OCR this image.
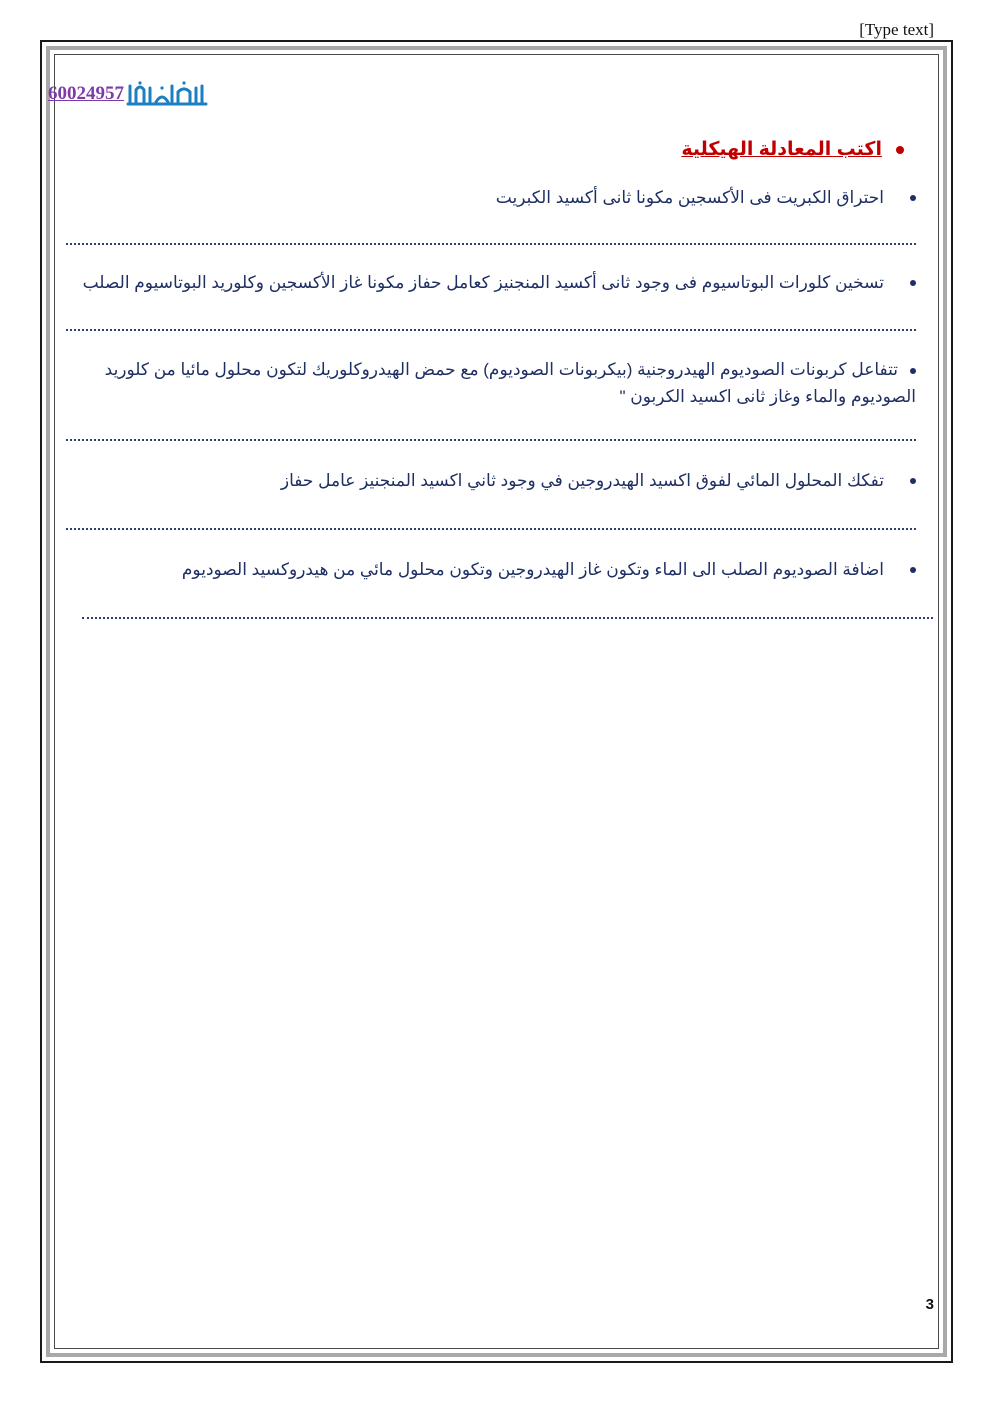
[Type text]
60024957
اكتب المعادلة الهيكلية
احتراق الكبريت فى الأكسجين مكونا ثانى أكسيد الكبريت
تسخين كلورات البوتاسيوم فى وجود ثانى أكسيد المنجنيز كعامل حفاز مكونا غاز الأكسجين وكلوريد البوتاسيوم الصلب
تتفاعل كربونات الصوديوم الهيدروجنية (بيكربونات الصوديوم) مع حمض الهيدروكلوريك لتكون محلول مائيا من كلوريد الصوديوم والماء وغاز ثانى اكسيد الكربون "
تفكك المحلول المائي لفوق اكسيد الهيدروجين في وجود ثاني اكسيد المنجنيز عامل حفاز
اضافة الصوديوم الصلب الى الماء وتكون غاز الهيدروجين وتكون محلول مائي من هيدروكسيد الصوديوم
3
